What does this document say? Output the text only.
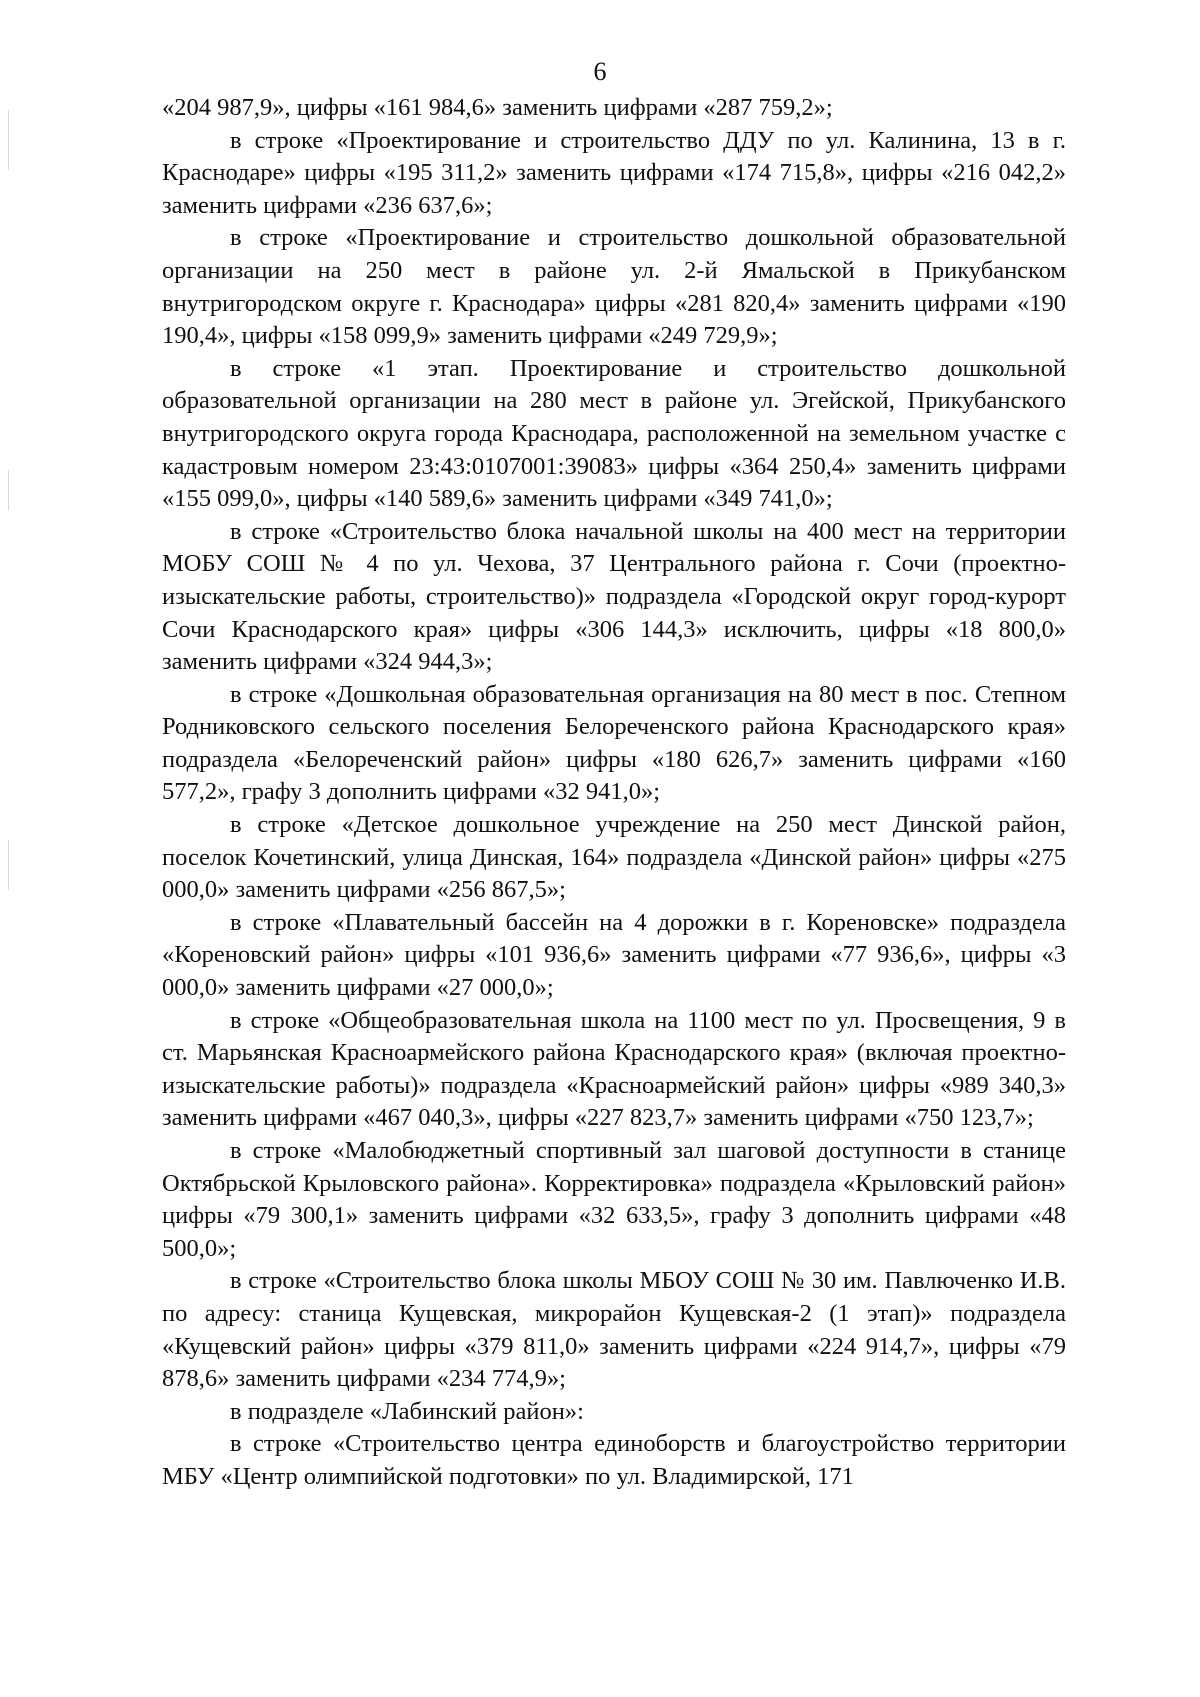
6

«204 987,9», цифры «161 984,6» заменить цифрами «287 759,2»;

в строке «Проектирование и строительство ДДУ по ул. Калинина, 13 в г. Краснодаре» цифры «195 311,2» заменить цифрами «174 715,8», цифры «216 042,2» заменить цифрами «236 637,6»;

в строке «Проектирование и строительство дошкольной образовательной организации на 250 мест в районе ул. 2-й Ямальской в Прикубанском внутригородском округе г. Краснодара» цифры «281 820,4» заменить цифрами «190 190,4», цифры «158 099,9» заменить цифрами «249 729,9»;

в строке «1 этап. Проектирование и строительство дошкольной образовательной организации на 280 мест в районе ул. Эгейской, Прикубанского внутригородского округа города Краснодара, расположенной на земельном участке с кадастровым номером 23:43:0107001:39083» цифры «364 250,4» заменить цифрами «155 099,0», цифры «140 589,6» заменить цифрами «349 741,0»;

в строке «Строительство блока начальной школы на 400 мест на территории МОБУ СОШ № 4 по ул. Чехова, 37 Центрального района г. Сочи (проектно-изыскательские работы, строительство)» подраздела «Городской округ город-курорт Сочи Краснодарского края» цифры «306 144,3» исключить, цифры «18 800,0» заменить цифрами «324 944,3»;

в строке «Дошкольная образовательная организация на 80 мест в пос. Степном Родниковского сельского поселения Белореченского района Краснодарского края» подраздела «Белореченский район» цифры «180 626,7» заменить цифрами «160 577,2», графу 3 дополнить цифрами «32 941,0»;

в строке «Детское дошкольное учреждение на 250 мест Динской район, поселок Кочетинский, улица Динская, 164» подраздела «Динской район» цифры «275 000,0» заменить цифрами «256 867,5»;

в строке «Плавательный бассейн на 4 дорожки в г. Кореновске» подраздела «Кореновский район» цифры «101 936,6» заменить цифрами «77 936,6», цифры «3 000,0» заменить цифрами «27 000,0»;

в строке «Общеобразовательная школа на 1100 мест по ул. Просвещения, 9 в ст. Марьянская Красноармейского района Краснодарского края» (включая проектно-изыскательские работы)» подраздела «Красноармейский район» цифры «989 340,3» заменить цифрами «467 040,3», цифры «227 823,7» заменить цифрами «750 123,7»;

в строке «Малобюджетный спортивный зал шаговой доступности в станице Октябрьской Крыловского района». Корректировка» подраздела «Крыловский район» цифры «79 300,1» заменить цифрами «32 633,5», графу 3 дополнить цифрами «48 500,0»;

в строке «Строительство блока школы МБОУ СОШ № 30 им. Павлюченко И.В. по адресу: станица Кущевская, микрорайон Кущевская-2 (1 этап)» подраздела «Кущевский район» цифры «379 811,0» заменить цифрами «224 914,7», цифры «79 878,6» заменить цифрами «234 774,9»;

в подразделе «Лабинский район»:

в строке «Строительство центра единоборств и благоустройство территории МБУ «Центр олимпийской подготовки» по ул. Владимирской, 171
